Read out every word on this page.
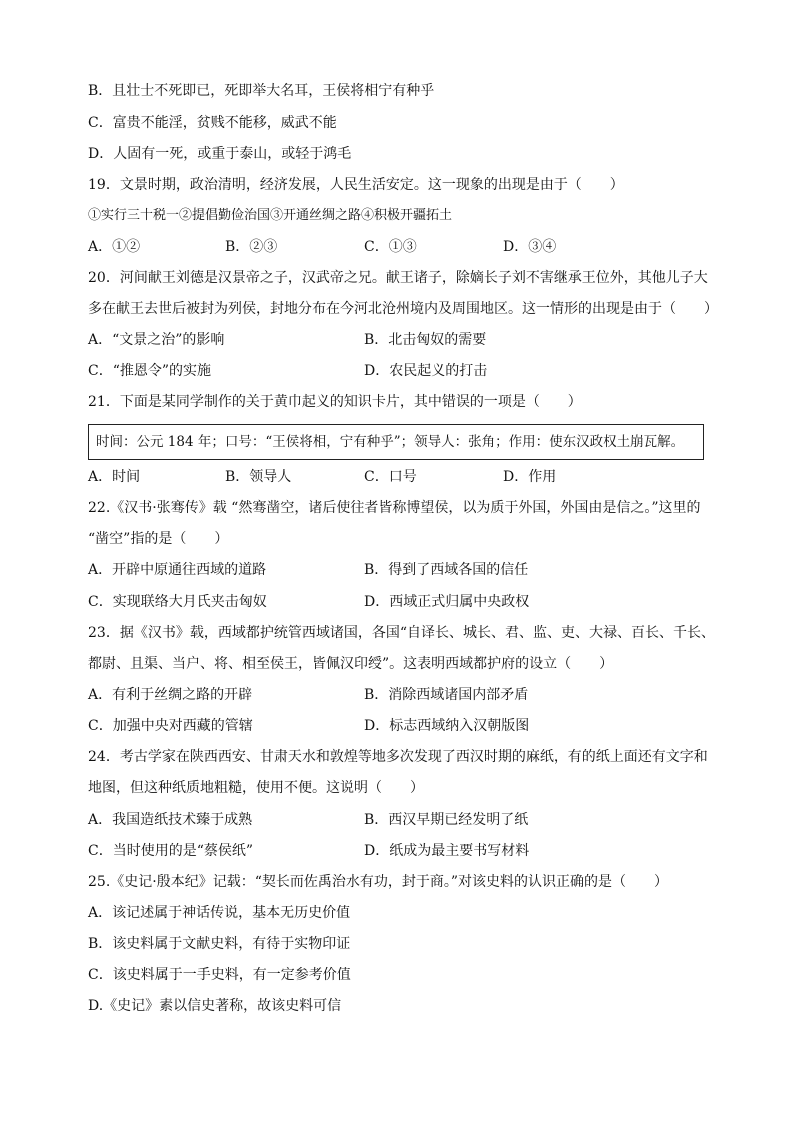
B．且壮士不死即已，死即举大名耳，王侯将相宁有种乎
C．富贵不能淫，贫贱不能移，威武不能
D．人固有一死，或重于泰山，或轻于鸿毛
19．文景时期，政治清明，经济发展，人民生活安定。这一现象的出现是由于（　　）
①实行三十税一②提倡勤俭治国③开通丝绸之路④积极开疆拓土
A．①②	B．②③	C．①③	D．③④
20．河间献王刘德是汉景帝之子，汉武帝之兄。献王诸子，除嫡长子刘不害继承王位外，其他儿子大
多在献王去世后被封为列侯，封地分布在今河北沧州境内及周围地区。这一情形的出现是由于（　　）
A．“文景之治”的影响	B．北击匈奴的需要
C．“推恩令”的实施	D．农民起义的打击
21．下面是某同学制作的关于黄巾起义的知识卡片，其中错误的一项是（　　）
时间：公元 184 年；口号：“王侯将相，宁有种乎”；领导人：张角；作用：使东汉政权土崩瓦解。
A．时间	B．领导人	C．口号	D．作用
22.《汉书·张骞传》载 “然骞凿空，诸后使往者皆称博望侯，以为质于外国，外国由是信之。”这里的
“凿空”指的是（　　）
A．开辟中原通往西域的道路	B．得到了西域各国的信任
C．实现联络大月氏夹击匈奴	D．西域正式归属中央政权
23．据《汉书》载，西域都护统管西域诸国，各国“自译长、城长、君、监、吏、大禄、百长、千长、
都尉、且渠、当户、将、相至侯王，皆佩汉印绶”。这表明西域都护府的设立（　　）
A．有利于丝绸之路的开辟	B．消除西域诸国内部矛盾
C．加强中央对西藏的管辖	D．标志西域纳入汉朝版图
24．考古学家在陕西西安、甘肃天水和敦煌等地多次发现了西汉时期的麻纸，有的纸上面还有文字和
地图，但这种纸质地粗糙，使用不便。这说明（　　）
A．我国造纸技术臻于成熟	B．西汉早期已经发明了纸
C．当时使用的是“蔡侯纸”	D．纸成为最主要书写材料
25.《史记·殷本纪》记载：“契长而佐禹治水有功，封于商。”对该史料的认识正确的是（　　）
A．该记述属于神话传说，基本无历史价值
B．该史料属于文献史料，有待于实物印证
C．该史料属于一手史料，有一定参考价值
D.《史记》素以信史著称，故该史料可信
